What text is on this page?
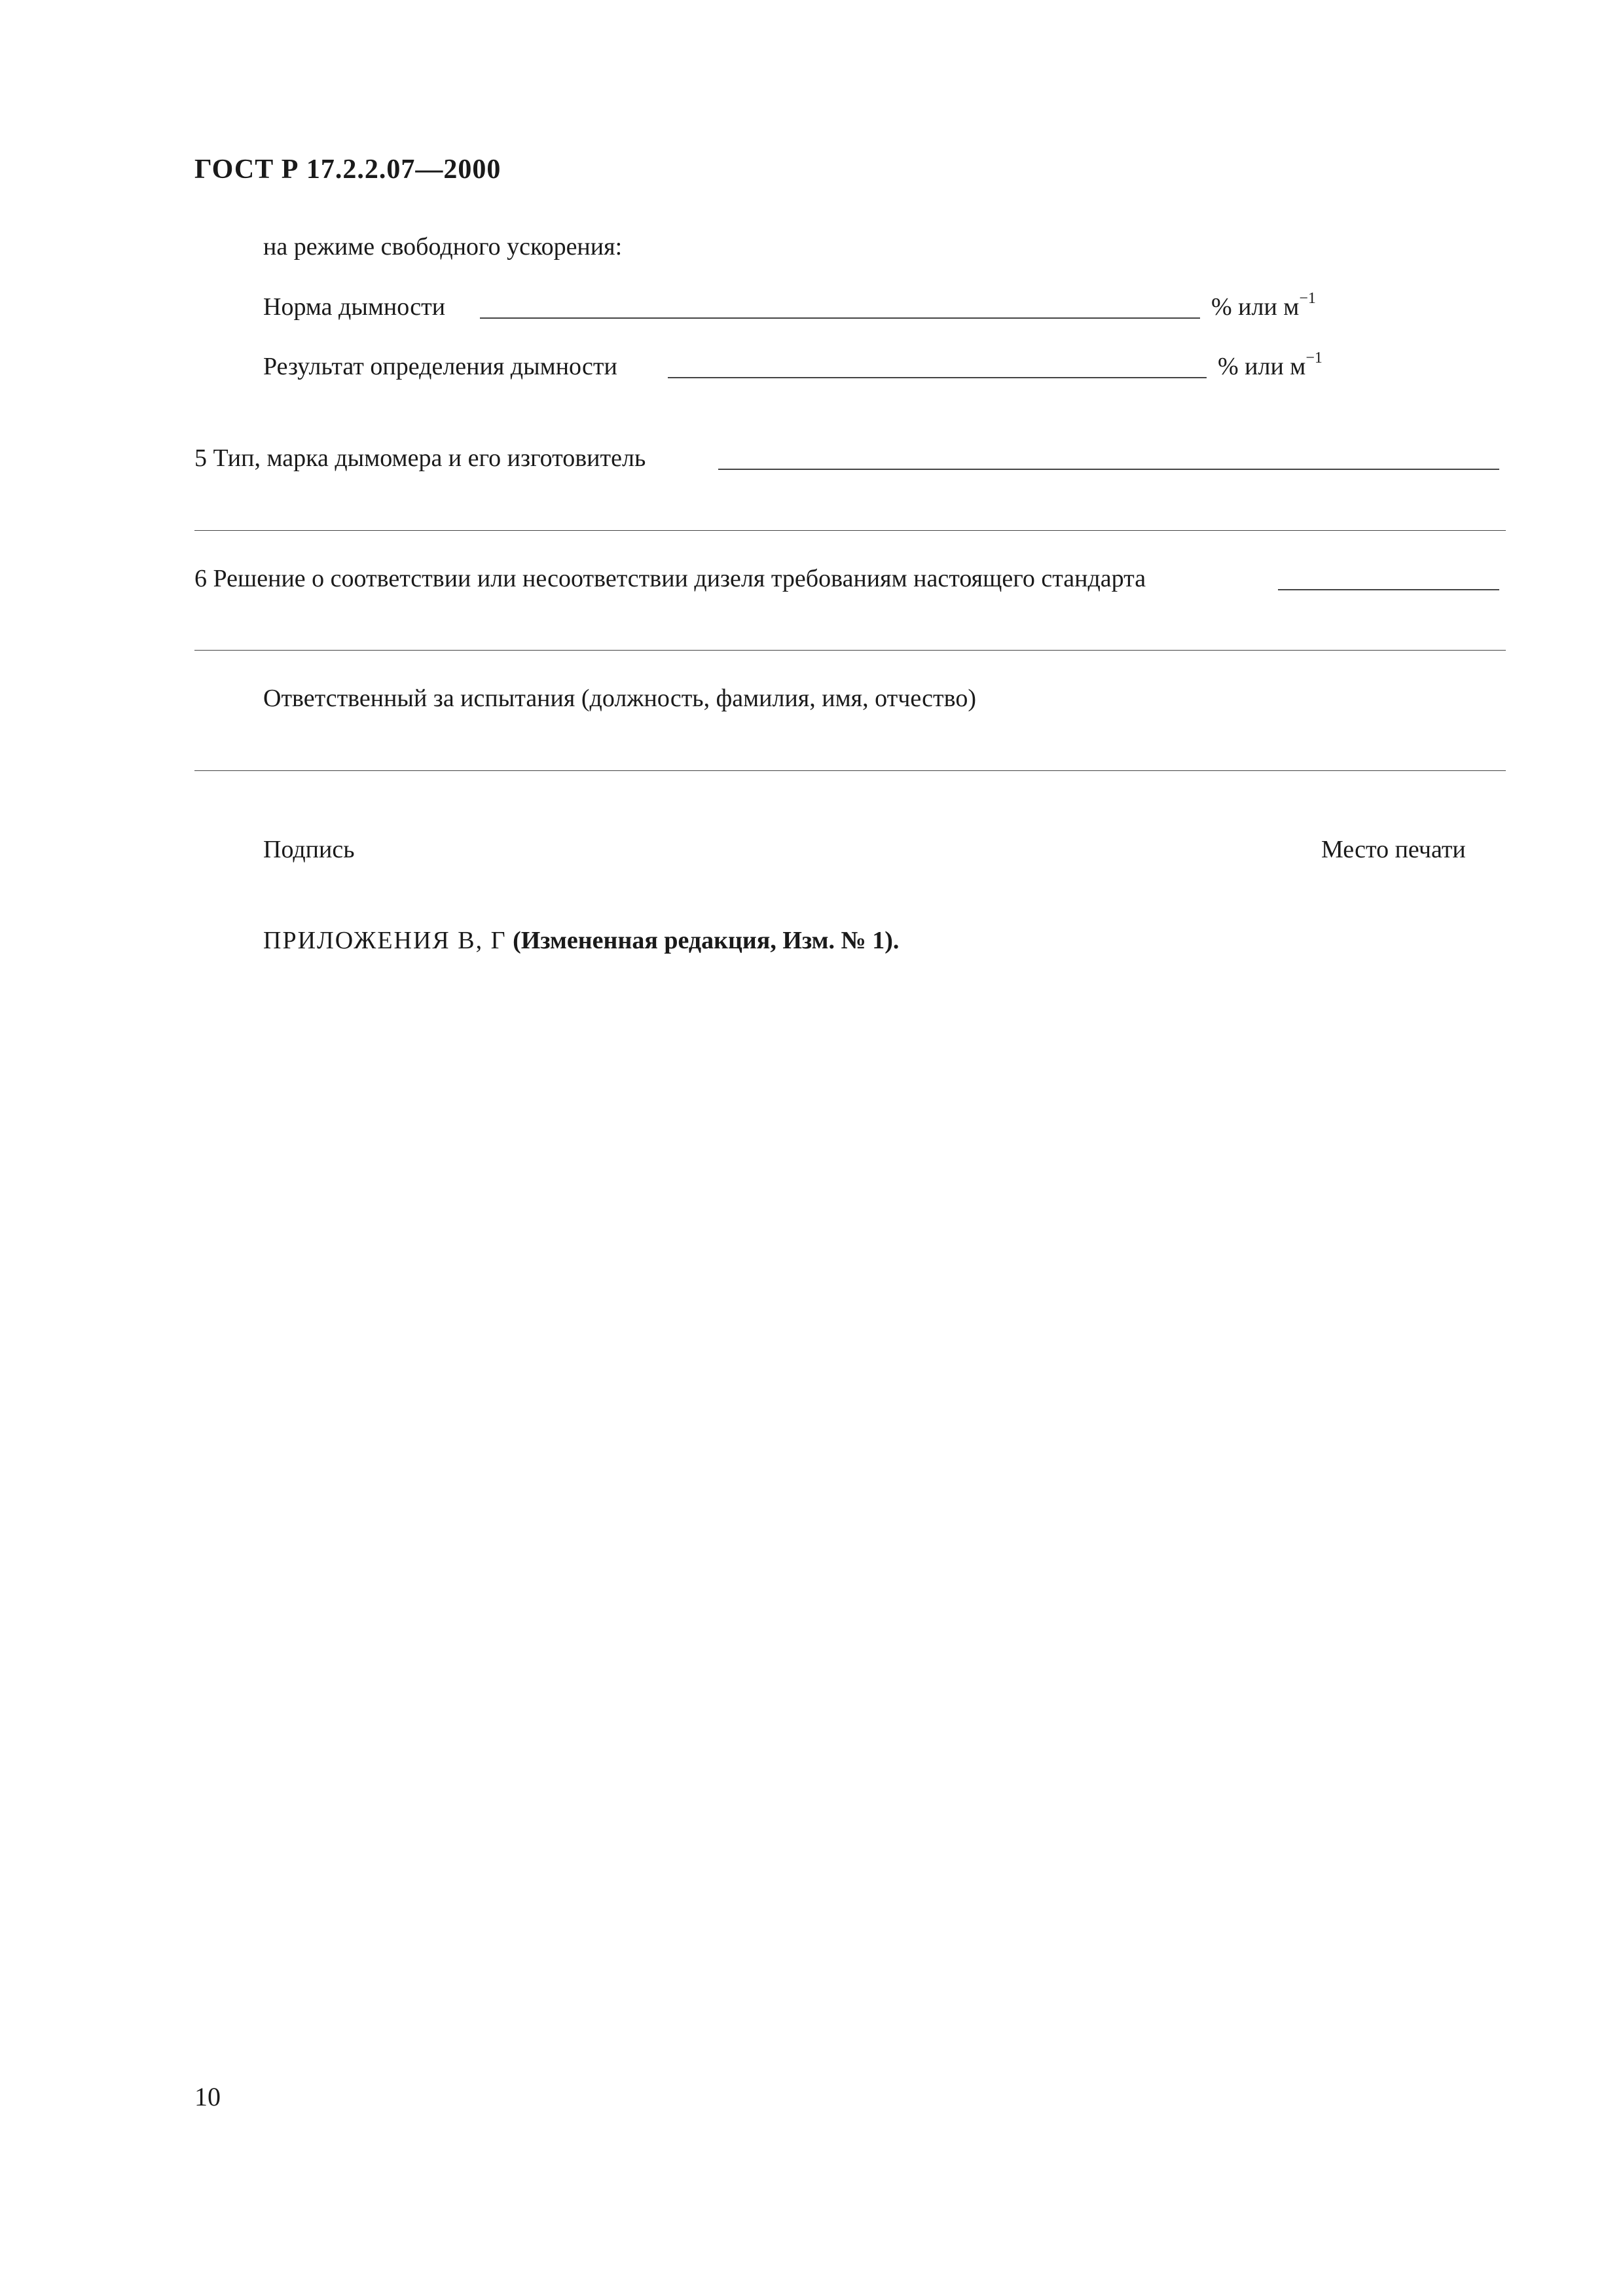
ГОСТ Р 17.2.2.07—2000
на режиме свободного ускорения:
Норма дымности	% или $м^{-1}$
Результат определения дымности	% или $м^{-1}$
5 Тип, марка дымомера и его изготовитель
6 Решение о соответствии или несоответствии дизеля требованиям настоящего стандарта
Ответственный за испытания (должность, фамилия, имя, отчество)
Подпись	Место печати
ПРИЛОЖЕНИЯ В, Г (Измененная редакция, Изм. № 1).
10
